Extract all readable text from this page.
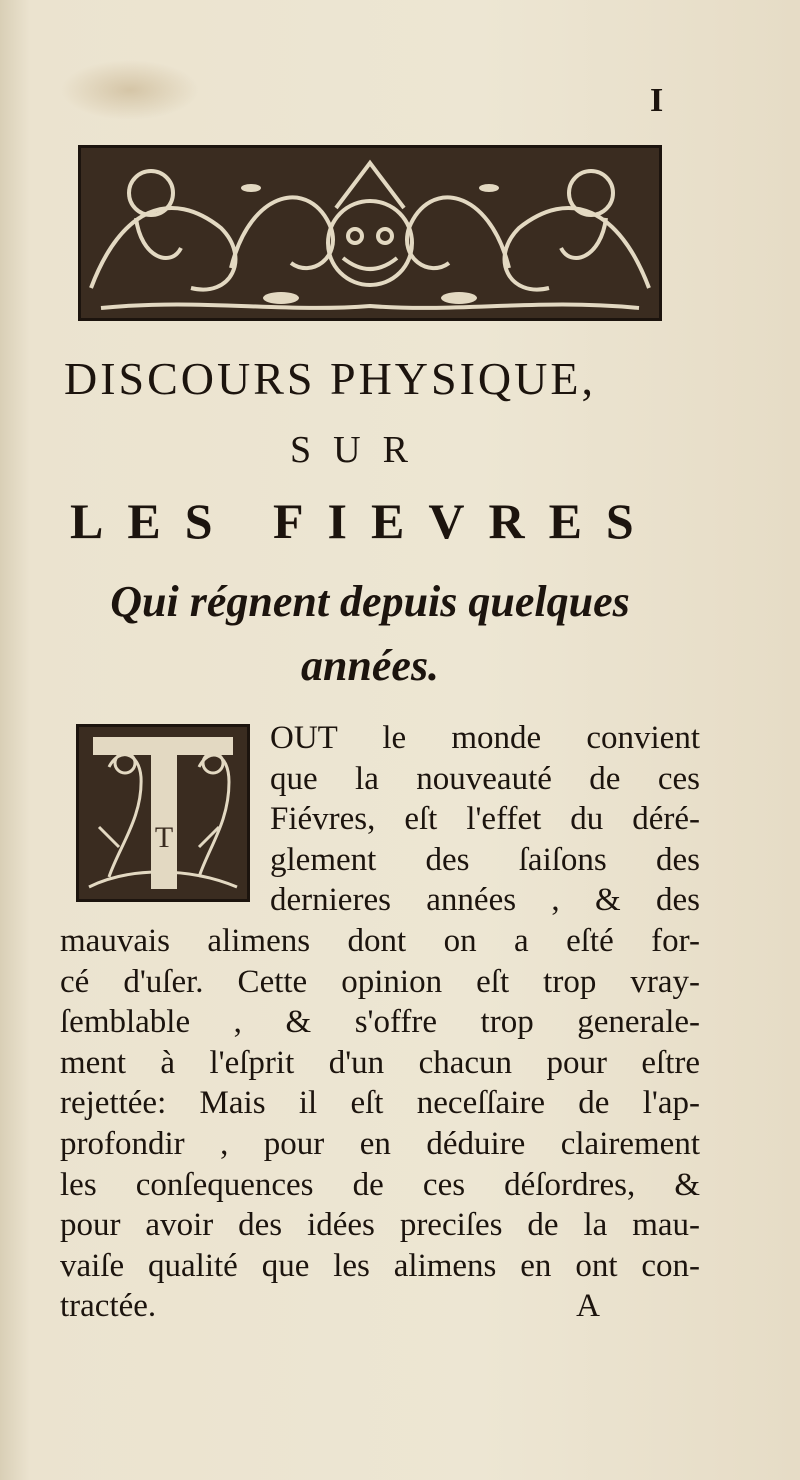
I
DISCOURS PHYSIQUE,
SUR
LES FIEVRES
Qui régnent depuis quelques
années.
T
OUT le monde convient
que la nouveauté de ces
Fiévres, eſt l'effet du déré-
glement des ſaiſons des
dernieres années , & des
mauvais alimens dont on a eſté for-
cé d'uſer. Cette opinion eſt trop vray-
ſemblable , & s'offre trop generale-
ment à l'eſprit d'un chacun pour eſtre
rejettée: Mais il eſt neceſſaire de l'ap-
profondir , pour en déduire clairement
les conſequences de ces déſordres, &
pour avoir des idées preciſes de la mau-
vaiſe qualité que les alimens en ont con-
tractée.	A
